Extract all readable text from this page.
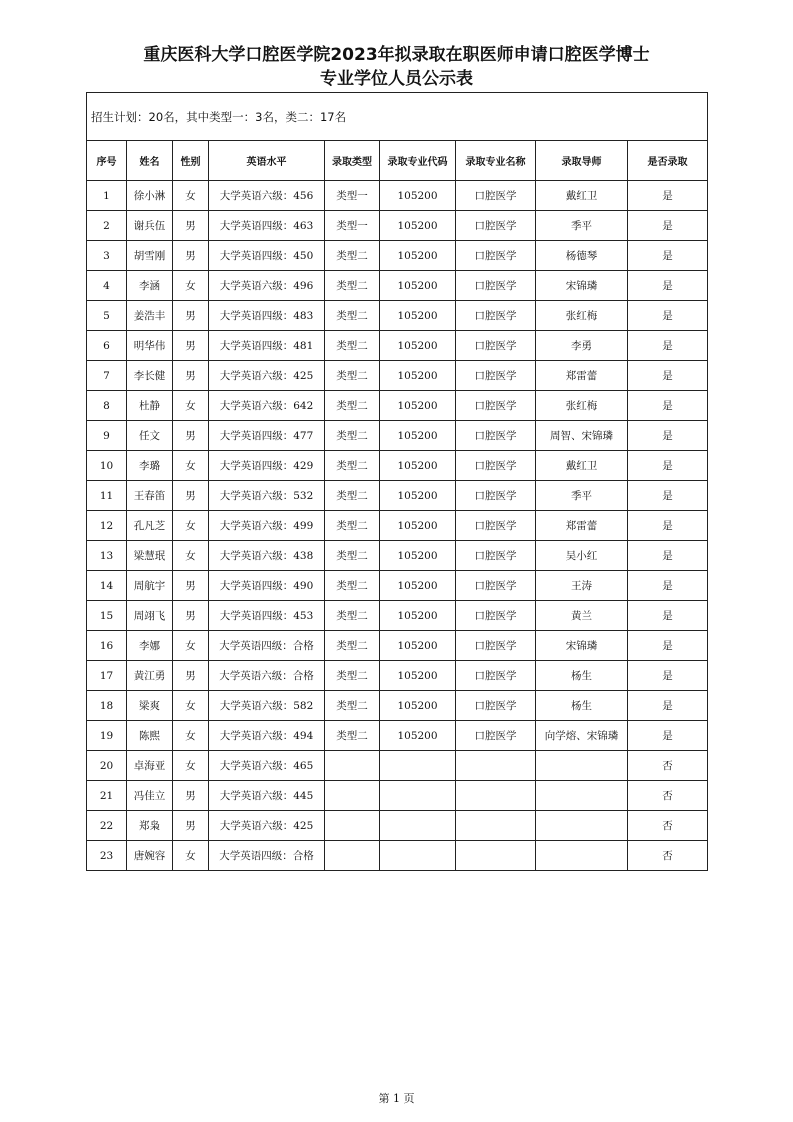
重庆医科大学口腔医学院2023年拟录取在职医师申请口腔医学博士
专业学位人员公示表
招生计划：20名，其中类型一：3名，类二：17名								
序号	姓名	性别	英语水平	录取类型	录取专业代码	录取专业名称	录取导师	是否录取
1	徐小淋	女	大学英语六级：456	类型一	105200	口腔医学	戴红卫	是
2	谢兵伍	男	大学英语四级：463	类型一	105200	口腔医学	季平	是
3	胡雪刚	男	大学英语四级：450	类型二	105200	口腔医学	杨德琴	是
4	李涵	女	大学英语六级：496	类型二	105200	口腔医学	宋锦璘	是
5	姜浩丰	男	大学英语四级：483	类型二	105200	口腔医学	张红梅	是
6	明华伟	男	大学英语四级：481	类型二	105200	口腔医学	李勇	是
7	李长健	男	大学英语六级：425	类型二	105200	口腔医学	郑雷蕾	是
8	杜静	女	大学英语六级：642	类型二	105200	口腔医学	张红梅	是
9	任文	男	大学英语四级：477	类型二	105200	口腔医学	周智、宋锦璘	是
10	李璐	女	大学英语四级：429	类型二	105200	口腔医学	戴红卫	是
11	王春笛	男	大学英语六级：532	类型二	105200	口腔医学	季平	是
12	孔凡芝	女	大学英语六级：499	类型二	105200	口腔医学	郑雷蕾	是
13	梁慧珉	女	大学英语六级：438	类型二	105200	口腔医学	吴小红	是
14	周航宇	男	大学英语四级：490	类型二	105200	口腔医学	王涛	是
15	周翊飞	男	大学英语四级：453	类型二	105200	口腔医学	黄兰	是
16	李娜	女	大学英语四级：合格	类型二	105200	口腔医学	宋锦璘	是
17	黄江勇	男	大学英语六级：合格	类型二	105200	口腔医学	杨生	是
18	梁爽	女	大学英语六级：582	类型二	105200	口腔医学	杨生	是
19	陈熙	女	大学英语六级：494	类型二	105200	口腔医学	向学熔、宋锦璘	是
20	卓海亚	女	大学英语六级：465					否
21	冯佳立	男	大学英语六级：445					否
22	郑枭	男	大学英语六级：425					否
23	唐婉容	女	大学英语四级：合格					否
第 1 页
